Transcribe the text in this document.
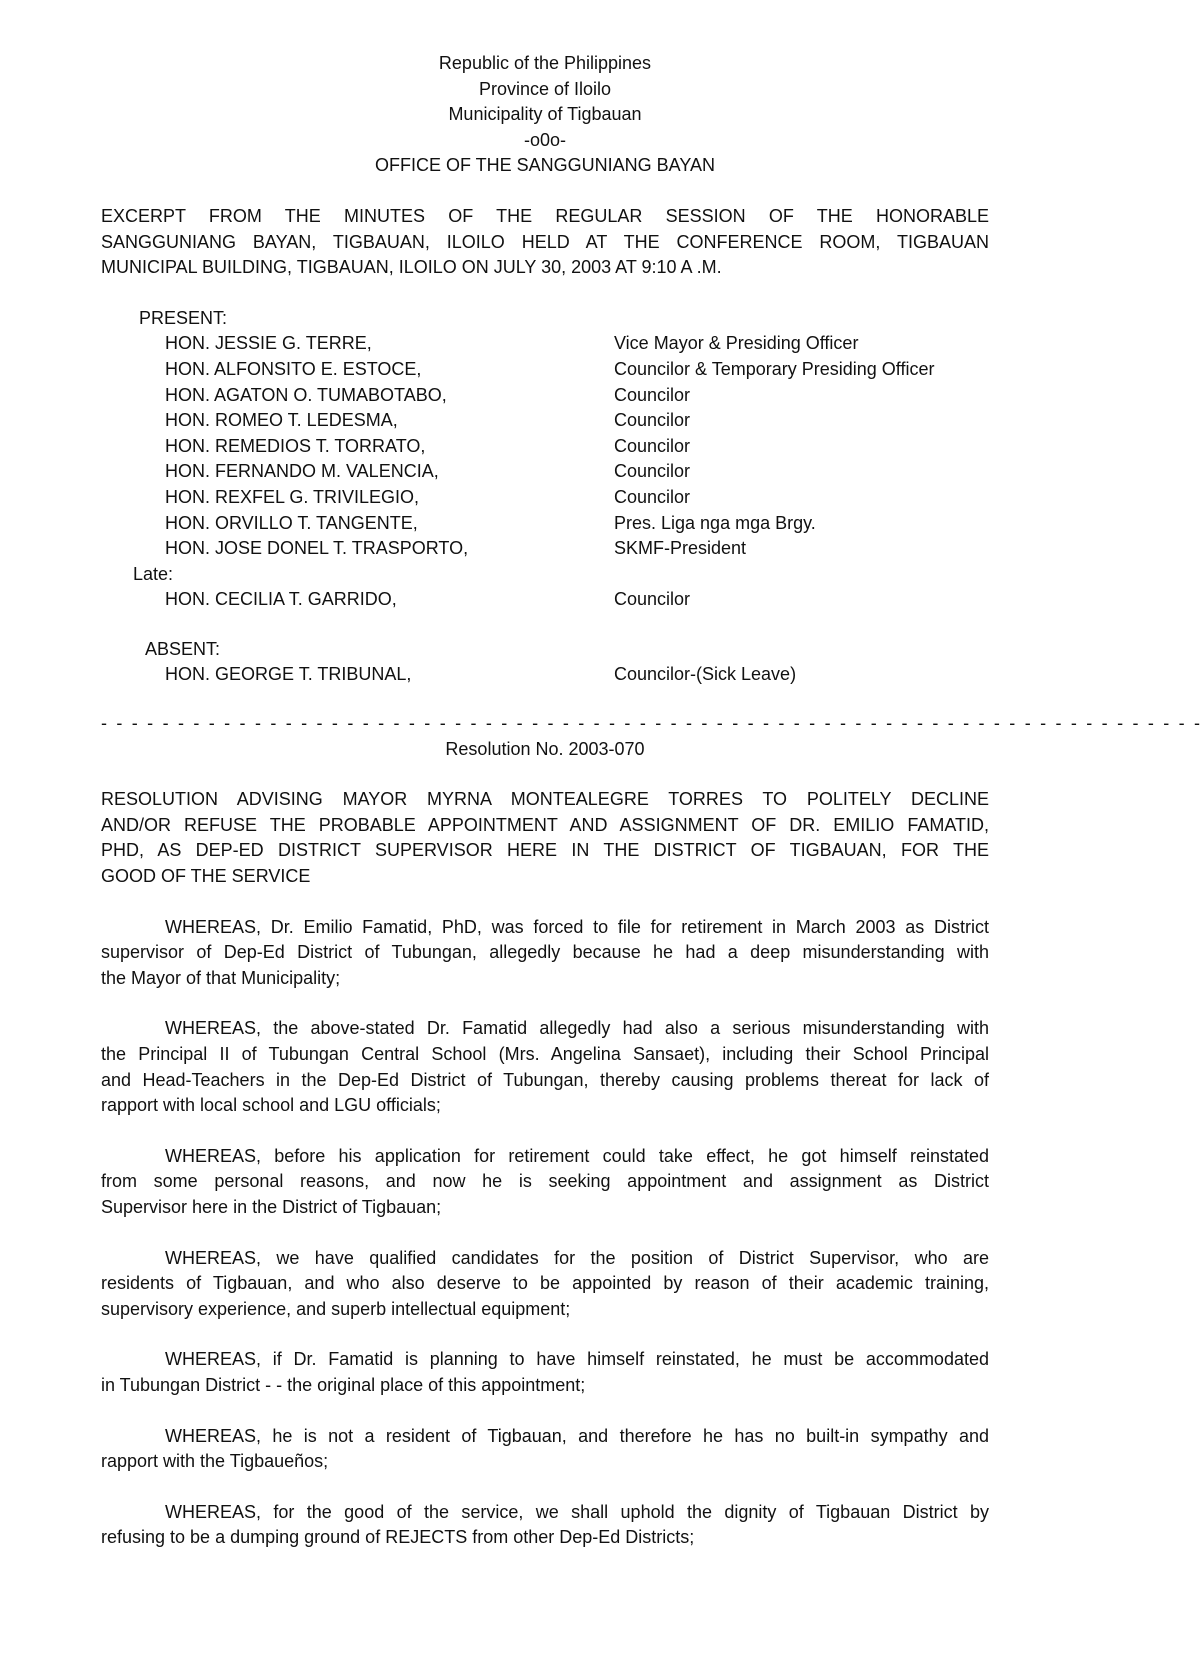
Republic of the Philippines
Province of Iloilo
Municipality of Tigbauan
-o0o-
OFFICE OF THE SANGGUNIANG BAYAN
EXCERPT FROM THE MINUTES OF THE REGULAR SESSION OF THE HONORABLE
SANGGUNIANG BAYAN, TIGBAUAN, ILOILO HELD AT THE CONFERENCE ROOM, TIGBAUAN
MUNICIPAL BUILDING, TIGBAUAN, ILOILO ON JULY 30, 2003 AT 9:10 A .M.
PRESENT:
HON. JESSIE G. TERRE,	Vice Mayor & Presiding Officer
HON. ALFONSITO E. ESTOCE,	Councilor & Temporary Presiding Officer
HON. AGATON O. TUMABOTABO,	Councilor
HON. ROMEO T. LEDESMA,	Councilor
HON. REMEDIOS T. TORRATO,	Councilor
HON. FERNANDO M. VALENCIA,	Councilor
HON. REXFEL G. TRIVILEGIO,	Councilor
HON. ORVILLO T. TANGENTE,	Pres. Liga nga mga Brgy.
HON. JOSE DONEL T. TRASPORTO,	SKMF-President
Late:
HON. CECILIA T. GARRIDO,	Councilor
ABSENT:
HON. GEORGE T. TRIBUNAL,	Councilor-(Sick Leave)
- - - - - - - - - - - - - - - - - - - - - - - - - - - - - - - - - - - - - - - - - - - - - - - - - - - - - - - - - - - - - - - - - - - - - - - -
Resolution No. 2003-070
RESOLUTION ADVISING MAYOR MYRNA MONTEALEGRE TORRES TO POLITELY DECLINE
AND/OR REFUSE THE PROBABLE APPOINTMENT AND ASSIGNMENT OF DR. EMILIO FAMATID,
PHD, AS DEP-ED DISTRICT SUPERVISOR HERE IN THE DISTRICT OF TIGBAUAN, FOR THE
GOOD OF THE SERVICE
WHEREAS, Dr. Emilio Famatid, PhD, was forced to file for retirement in March 2003 as District
supervisor of Dep-Ed District of Tubungan, allegedly because he had a deep misunderstanding with
the Mayor of that Municipality;
WHEREAS, the above-stated Dr. Famatid allegedly had also a serious misunderstanding with
the Principal II of Tubungan Central School (Mrs. Angelina Sansaet), including their School Principal
and Head-Teachers in the Dep-Ed District of Tubungan, thereby causing problems thereat for lack of
rapport with local school and LGU officials;
WHEREAS, before his application for retirement could take effect, he got himself reinstated
from some personal reasons, and now he is seeking appointment and assignment as District
Supervisor here in the District of Tigbauan;
WHEREAS, we have qualified candidates for the position of District Supervisor, who are
residents of Tigbauan, and who also deserve to be appointed by reason of their academic training,
supervisory experience, and superb intellectual equipment;
WHEREAS, if Dr. Famatid is planning to have himself reinstated, he must be accommodated
in Tubungan District - - the original place of this appointment;
WHEREAS, he is not a resident of Tigbauan, and therefore he has no built-in sympathy and
rapport with the Tigbaueños;
WHEREAS, for the good of the service, we shall uphold the dignity of Tigbauan District by
refusing to be a dumping ground of REJECTS from other Dep-Ed Districts;
